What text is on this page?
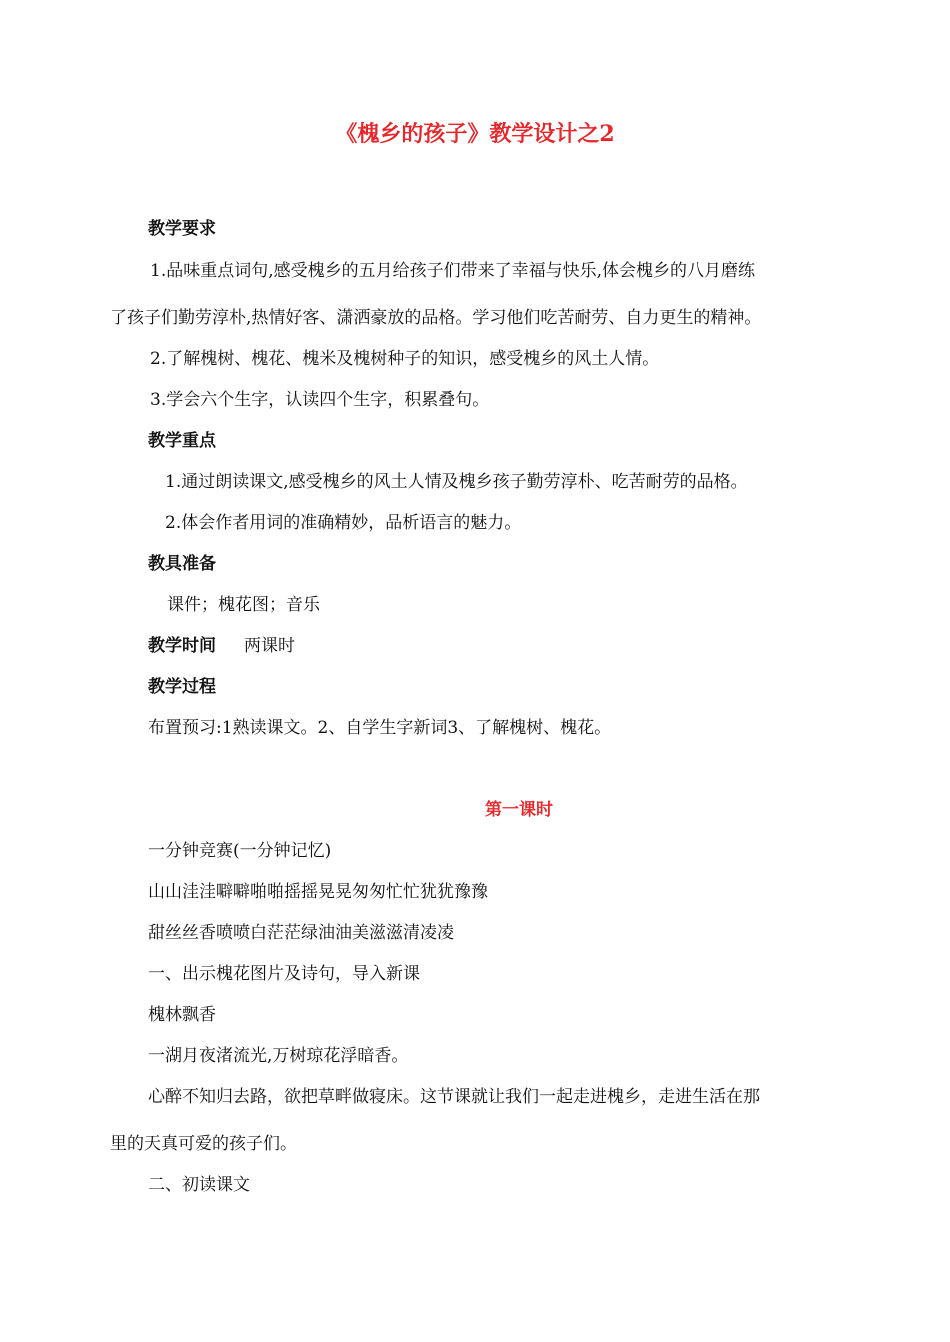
《槐乡的孩子》教学设计之2
教学要求
1.品味重点词句,感受槐乡的五月给孩子们带来了幸福与快乐,体会槐乡的八月磨练
了孩子们勤劳淳朴,热情好客、潇洒豪放的品格。学习他们吃苦耐劳、自力更生的精神。
2.了解槐树、槐花、槐米及槐树种子的知识，感受槐乡的风土人情。
3.学会六个生字，认读四个生字，积累叠句。
教学重点
1.通过朗读课文,感受槐乡的风土人情及槐乡孩子勤劳淳朴、吃苦耐劳的品格。
2.体会作者用词的准确精妙，品析语言的魅力。
教具准备
课件；槐花图；音乐
教学时间 两课时
教学过程
布置预习:1熟读课文。2、自学生字新词3、了解槐树、槐花。
第一课时
一分钟竞赛(一分钟记忆)
山山洼洼噼噼啪啪摇摇晃晃匆匆忙忙犹犹豫豫
甜丝丝香喷喷白茫茫绿油油美滋滋清凌凌
一、出示槐花图片及诗句，导入新课
槐林飘香
一湖月夜渚流光,万树琼花浮暗香。
心醉不知归去路，欲把草畔做寝床。这节课就让我们一起走进槐乡，走进生活在那
里的天真可爱的孩子们。
二、初读课文
